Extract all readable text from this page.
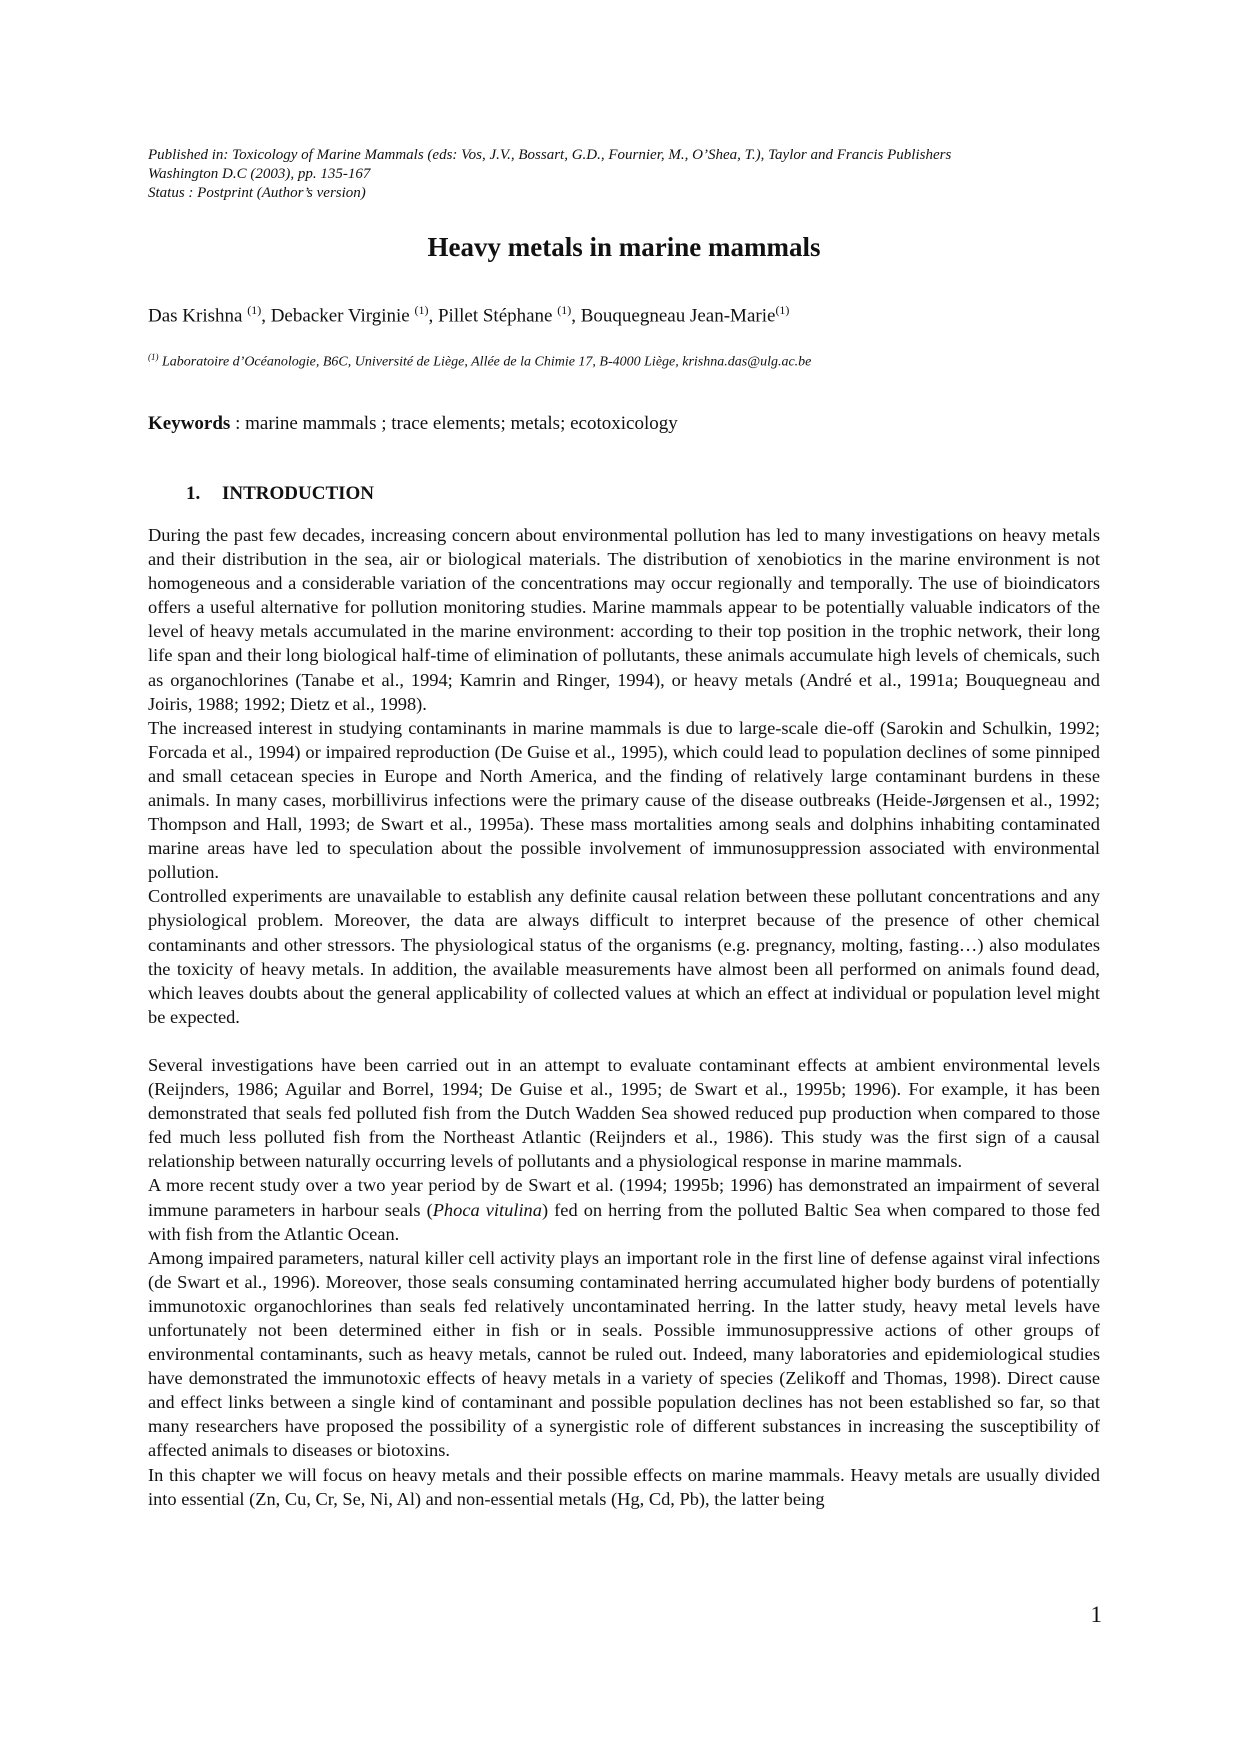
Published in: Toxicology of Marine Mammals (eds: Vos, J.V., Bossart, G.D., Fournier, M., O’Shea, T.), Taylor and Francis Publishers
Washington D.C (2003), pp. 135-167
Status : Postprint (Author’s version)
Heavy metals in marine mammals
Das Krishna $^{(1)}$, Debacker Virginie $^{(1)}$, Pillet Stéphane $^{(1)}$, Bouquegneau Jean-Marie$^{(1)}$
$^{(1)}$ Laboratoire d’Océanologie, B6C, Université de Liège, Allée de la Chimie 17, B-4000 Liège, krishna.das@ulg.ac.be
Keywords : marine mammals ; trace elements; metals; ecotoxicology
1. INTRODUCTION

During the past few decades, increasing concern about environmental pollution has led to many investigations on heavy metals and their distribution in the sea, air or biological materials. The distribution of xenobiotics in the marine environment is not homogeneous and a considerable variation of the concentrations may occur regionally and temporally. The use of bioindicators offers a useful alternative for pollution monitoring studies. Marine mammals appear to be potentially valuable indicators of the level of heavy metals accumulated in the marine environment: according to their top position in the trophic network, their long life span and their long biological half-time of elimination of pollutants, these animals accumulate high levels of chemicals, such as organochlorines (Tanabe et al., 1994; Kamrin and Ringer, 1994), or heavy metals (André et al., 1991a; Bouquegneau and Joiris, 1988; 1992; Dietz et al., 1998).

The increased interest in studying contaminants in marine mammals is due to large-scale die-off (Sarokin and Schulkin, 1992; Forcada et al., 1994) or impaired reproduction (De Guise et al., 1995), which could lead to population declines of some pinniped and small cetacean species in Europe and North America, and the finding of relatively large contaminant burdens in these animals. In many cases, morbillivirus infections were the primary cause of the disease outbreaks (Heide-Jørgensen et al., 1992; Thompson and Hall, 1993; de Swart et al., 1995a). These mass mortalities among seals and dolphins inhabiting contaminated marine areas have led to speculation about the possible involvement of immunosuppression associated with environmental pollution.

Controlled experiments are unavailable to establish any definite causal relation between these pollutant concentrations and any physiological problem. Moreover, the data are always difficult to interpret because of the presence of other chemical contaminants and other stressors. The physiological status of the organisms (e.g. pregnancy, molting, fasting…) also modulates the toxicity of heavy metals. In addition, the available measurements have almost been all performed on animals found dead, which leaves doubts about the general applicability of collected values at which an effect at individual or population level might be expected.

Several investigations have been carried out in an attempt to evaluate contaminant effects at ambient environmental levels (Reijnders, 1986; Aguilar and Borrel, 1994; De Guise et al., 1995; de Swart et al., 1995b; 1996). For example, it has been demonstrated that seals fed polluted fish from the Dutch Wadden Sea showed reduced pup production when compared to those fed much less polluted fish from the Northeast Atlantic (Reijnders et al., 1986). This study was the first sign of a causal relationship between naturally occurring levels of pollutants and a physiological response in marine mammals.

A more recent study over a two year period by de Swart et al. (1994; 1995b; 1996) has demonstrated an impairment of several immune parameters in harbour seals (Phoca vitulina) fed on herring from the polluted Baltic Sea when compared to those fed with fish from the Atlantic Ocean.

Among impaired parameters, natural killer cell activity plays an important role in the first line of defense against viral infections (de Swart et al., 1996). Moreover, those seals consuming contaminated herring accumulated higher body burdens of potentially immunotoxic organochlorines than seals fed relatively uncontaminated herring. In the latter study, heavy metal levels have unfortunately not been determined either in fish or in seals. Possible immunosuppressive actions of other groups of environmental contaminants, such as heavy metals, cannot be ruled out. Indeed, many laboratories and epidemiological studies have demonstrated the immunotoxic effects of heavy metals in a variety of species (Zelikoff and Thomas, 1998). Direct cause and effect links between a single kind of contaminant and possible population declines has not been established so far, so that many researchers have proposed the possibility of a synergistic role of different substances in increasing the susceptibility of affected animals to diseases or biotoxins.

In this chapter we will focus on heavy metals and their possible effects on marine mammals. Heavy metals are usually divided into essential (Zn, Cu, Cr, Se, Ni, Al) and non-essential metals (Hg, Cd, Pb), the latter being

1
